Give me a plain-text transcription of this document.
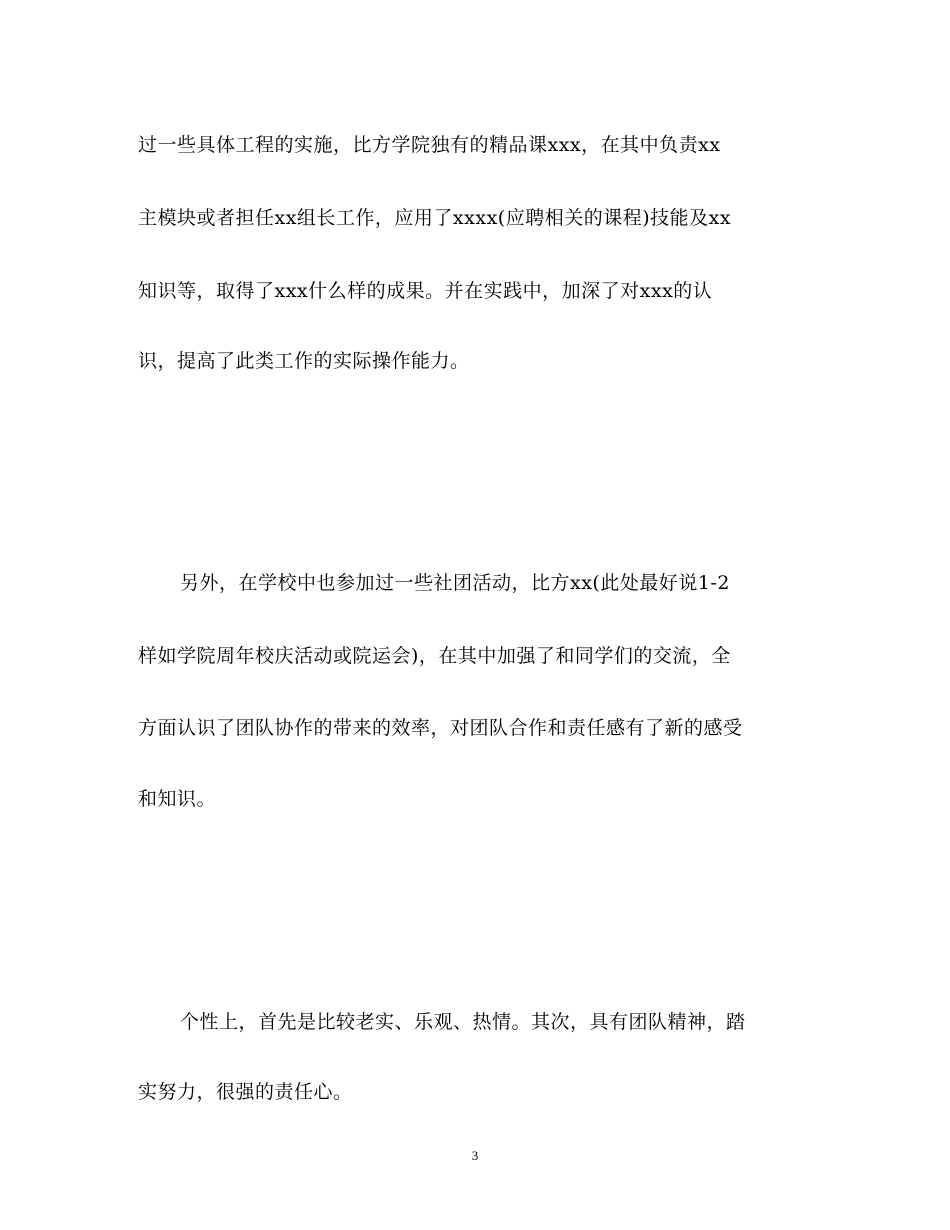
过一些具体工程的实施，比方学院独有的精品课xxx，在其中负责xx
主模块或者担任xx组长工作，应用了xxxx(应聘相关的课程)技能及xx
知识等，取得了xxx什么样的成果。并在实践中，加深了对xxx的认
识，提高了此类工作的实际操作能力。
另外，在学校中也参加过一些社团活动，比方xx(此处最好说1-2
样如学院周年校庆活动或院运会)，在其中加强了和同学们的交流，全
方面认识了团队协作的带来的效率，对团队合作和责任感有了新的感受
和知识。
个性上，首先是比较老实、乐观、热情。其次，具有团队精神，踏
实努力，很强的责任心。
3
